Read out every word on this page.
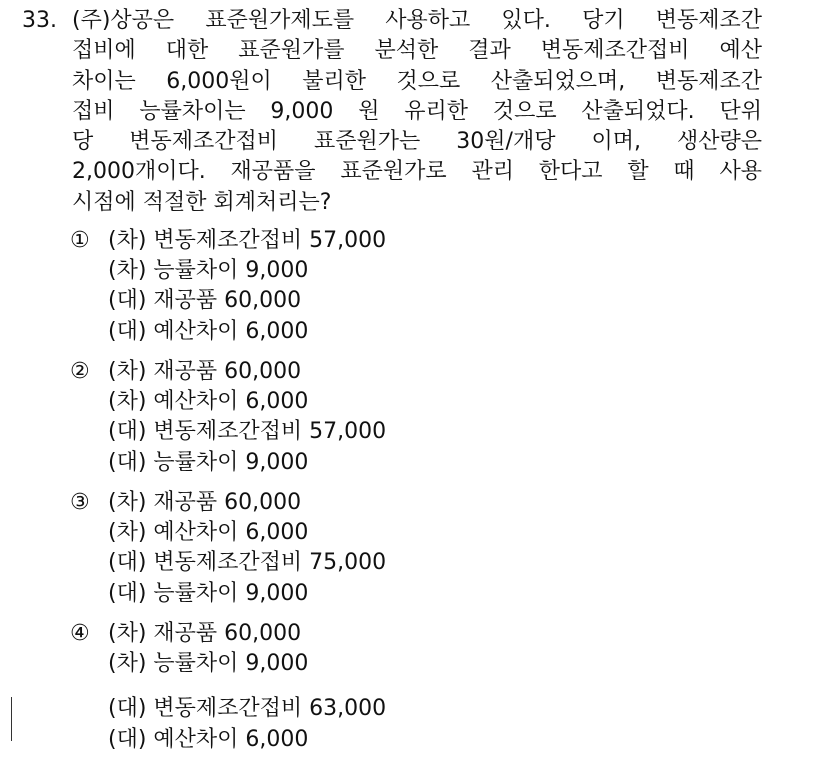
33. (주)상공은 표준원가제도를 사용하고 있다. 당기 변동제조간
접비에 대한 표준원가를 분석한 결과 변동제조간접비 예산
차이는 6,000원이 불리한 것으로 산출되었으며, 변동제조간
접비 능률차이는 9,000 원 유리한 것으로 산출되었다. 단위
당 변동제조간접비 표준원가는 30원/개당 이며, 생산량은
2,000개이다. 재공품을 표준원가로 관리 한다고 할 때 사용
시점에 적절한 회계처리는?
① (차) 변동제조간접비 57,000
(차) 능률차이 9,000
(대) 재공품 60,000
(대) 예산차이 6,000
② (차) 재공품 60,000
(차) 예산차이 6,000
(대) 변동제조간접비 57,000
(대) 능률차이 9,000
③ (차) 재공품 60,000
(차) 예산차이 6,000
(대) 변동제조간접비 75,000
(대) 능률차이 9,000
④ (차) 재공품 60,000
(차) 능률차이 9,000
(대) 변동제조간접비 63,000
(대) 예산차이 6,000
